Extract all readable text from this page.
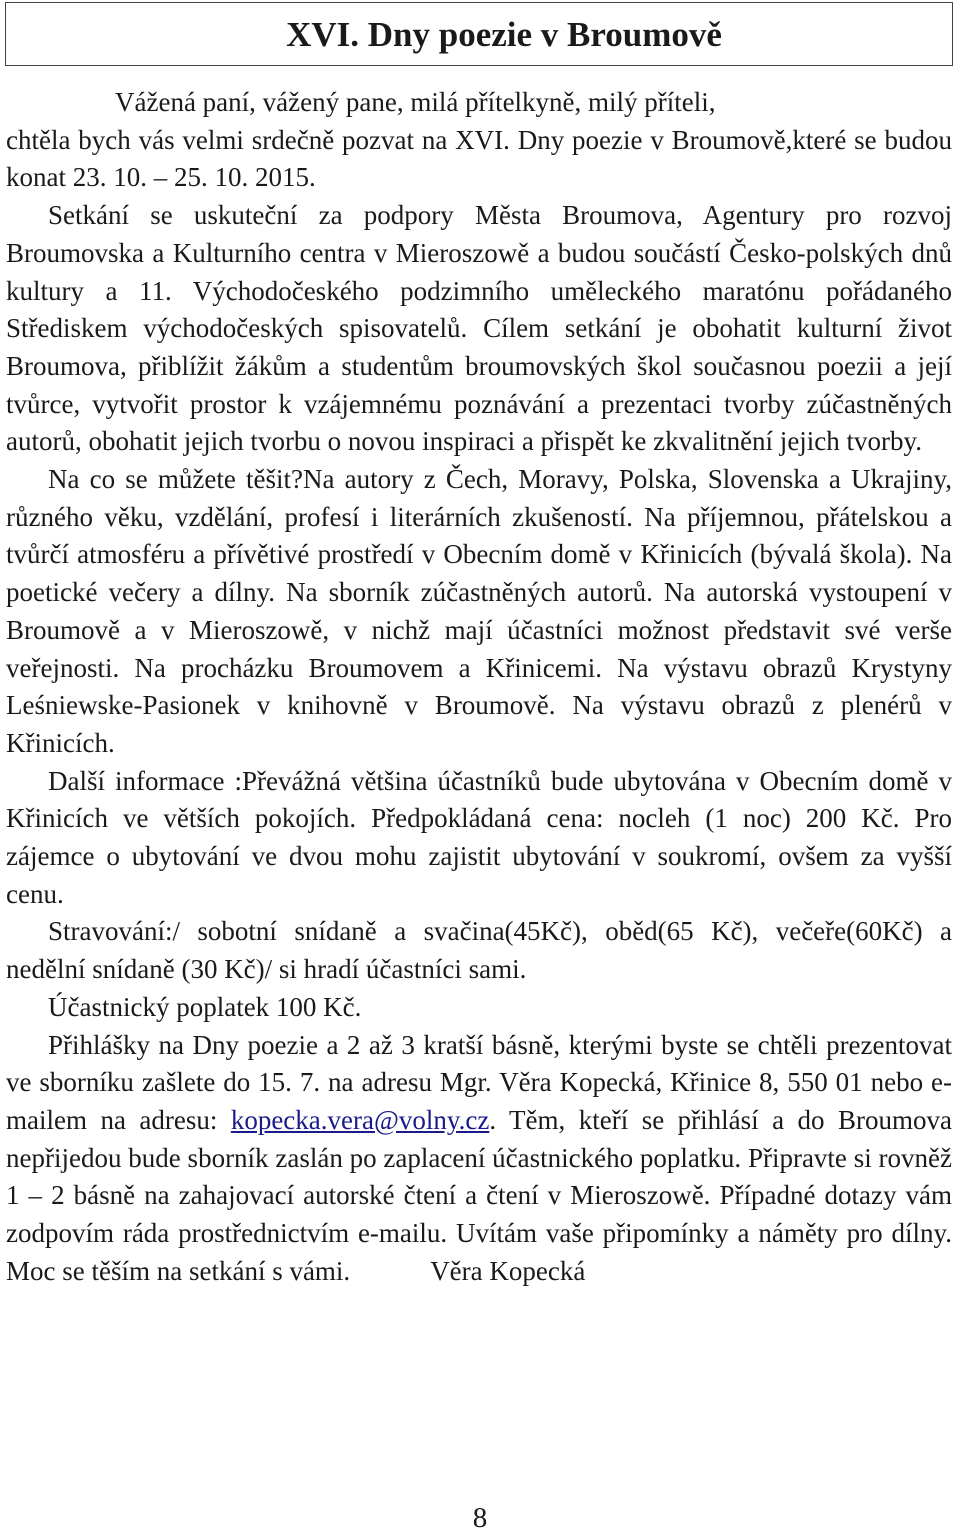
XVI. Dny poezie v Broumově

Vážená paní, vážený pane, milá přítelkyně, milý příteli,

chtěla bych vás velmi srdečně pozvat na XVI. Dny poezie v Broumově,které se budou konat 23. 10. – 25. 10. 2015.

Setkání se uskuteční za podpory Města Broumova, Agentury pro rozvoj Broumovska a Kulturního centra v Mieroszowě a budou součástí Česko-polských dnů kultury a 11. Východočeského podzimního uměleckého maratónu pořádaného Střediskem východočeských spisovatelů. Cílem setkání je obohatit kulturní život Broumova, přiblížit žákům a studentům broumovských škol současnou poezii a její tvůrce, vytvořit prostor k vzájemnému poznávání a prezentaci tvorby zúčastněných autorů, obohatit jejich tvorbu o novou inspiraci a přispět ke zkvalitnění jejich tvorby.

Na co se můžete těšit?Na autory z Čech, Moravy, Polska, Slovenska a Ukrajiny, různého věku, vzdělání, profesí i literárních zkušeností. Na příjemnou, přátelskou a tvůrčí atmosféru a přívětivé prostředí v Obecním domě v Křinicích (bývalá škola). Na poetické večery a dílny. Na sborník zúčastněných autorů. Na autorská vystoupení v Broumově a v Mieroszowě, v nichž mají účastníci možnost představit své verše veřejnosti. Na procházku Broumovem a Křinicemi. Na výstavu obrazů Krystyny Leśniewske-Pasionek v knihovně v Broumově. Na výstavu obrazů z plenérů v Křinicích.

Další informace :Převážná většina účastníků bude ubytována v Obecním domě v Křinicích ve větších pokojích. Předpokládaná cena: nocleh (1 noc) 200 Kč. Pro zájemce o ubytování ve dvou mohu zajistit ubytování v soukromí, ovšem za vyšší cenu.

Stravování:/ sobotní snídaně a svačina(45Kč), oběd(65 Kč), večeře(60Kč) a nedělní snídaně (30 Kč)/ si hradí účastníci sami.

Účastnický poplatek 100 Kč.

Přihlášky na Dny poezie a 2 až 3 kratší básně, kterými byste se chtěli prezentovat ve sborníku zašlete do 15. 7. na adresu Mgr. Věra Kopecká, Křinice 8, 550 01 nebo e-mailem na adresu: kopecka.vera@volny.cz. Těm, kteří se přihlásí a do Broumova nepřijedou bude sborník zaslán po zaplacení účastnického poplatku. Připravte si rovněž 1 – 2 básně na zahajovací autorské čtení a čtení v Mieroszowě. Případné dotazy vám zodpovím ráda prostřednictvím e-mailu. Uvítám vaše připomínky a náměty pro dílny. Moc se těším na setkání s vámi.	Věra Kopecká

8
